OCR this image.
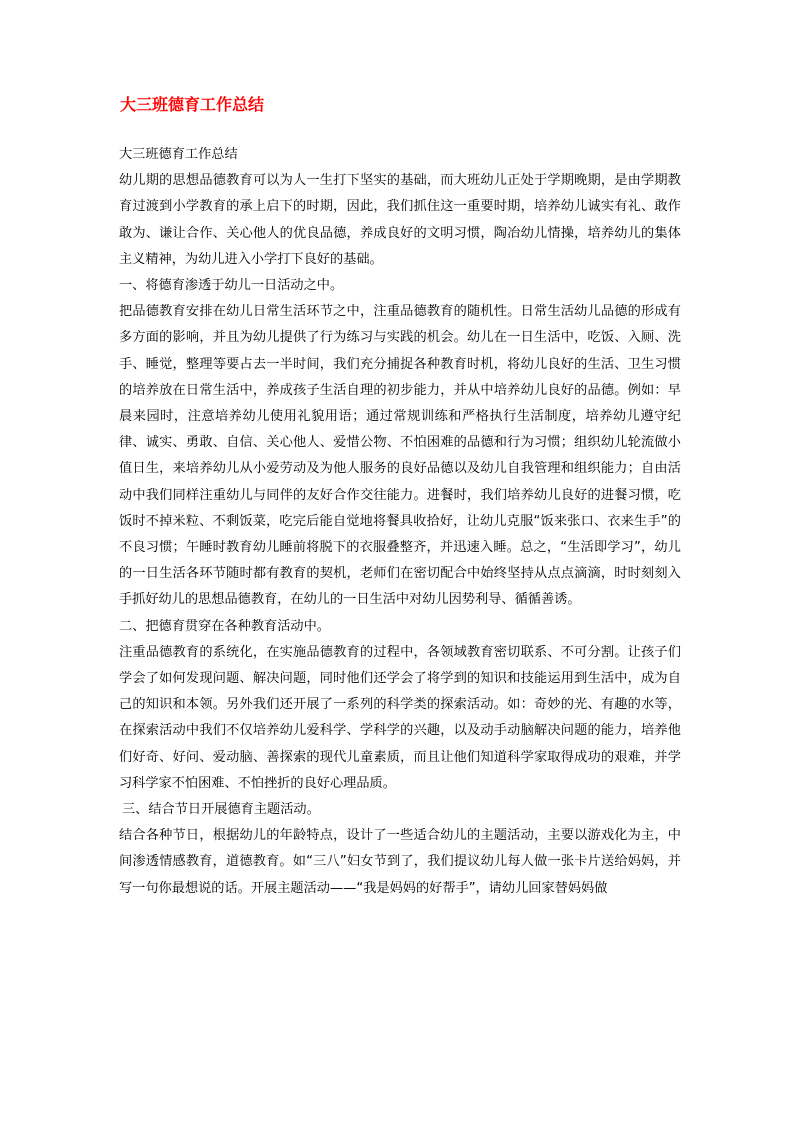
大三班德育工作总结

大三班德育工作总结

幼儿期的思想品德教育可以为人一生打下坚实的基础，而大班幼儿正处于学期晚期，是由学期教育过渡到小学教育的承上启下的时期，因此，我们抓住这一重要时期，培养幼儿诚实有礼、敢作敢为、谦让合作、关心他人的优良品德，养成良好的文明习惯，陶冶幼儿情操，培养幼儿的集体主义精神，为幼儿进入小学打下良好的基础。

一、将德育渗透于幼儿一日活动之中。

把品德教育安排在幼儿日常生活环节之中，注重品德教育的随机性。日常生活幼儿品德的形成有多方面的影响，并且为幼儿提供了行为练习与实践的机会。幼儿在一日生活中，吃饭、入厕、洗手、睡觉，整理等要占去一半时间，我们充分捕捉各种教育时机，将幼儿良好的生活、卫生习惯的培养放在日常生活中，养成孩子生活自理的初步能力，并从中培养幼儿良好的品德。例如：早晨来园时，注意培养幼儿使用礼貌用语；通过常规训练和严格执行生活制度，培养幼儿遵守纪律、诚实、勇敢、自信、关心他人、爱惜公物、不怕困难的品德和行为习惯；组织幼儿轮流做小值日生，来培养幼儿从小爱劳动及为他人服务的良好品德以及幼儿自我管理和组织能力；自由活动中我们同样注重幼儿与同伴的友好合作交往能力。进餐时，我们培养幼儿良好的进餐习惯，吃饭时不掉米粒、不剩饭菜，吃完后能自觉地将餐具收拾好，让幼儿克服“饭来张口、衣来生手”的不良习惯；午睡时教育幼儿睡前将脱下的衣服叠整齐，并迅速入睡。总之，“生活即学习”，幼儿的一日生活各环节随时都有教育的契机，老师们在密切配合中始终坚持从点点滴滴，时时刻刻入手抓好幼儿的思想品德教育，在幼儿的一日生活中对幼儿因势利导、循循善诱。

二、把德育贯穿在各种教育活动中。

注重品德教育的系统化，在实施品德教育的过程中，各领域教育密切联系、不可分割。让孩子们学会了如何发现问题、解决问题，同时他们还学会了将学到的知识和技能运用到生活中，成为自己的知识和本领。另外我们还开展了一系列的科学类的探索活动。如：奇妙的光、有趣的水等，在探索活动中我们不仅培养幼儿爱科学、学科学的兴趣，以及动手动脑解决问题的能力，培养他们好奇、好问、爱动脑、善探索的现代儿童素质，而且让他们知道科学家取得成功的艰难，并学习科学家不怕困难、不怕挫折的良好心理品质。

三、结合节日开展德育主题活动。

结合各种节日，根据幼儿的年龄特点，设计了一些适合幼儿的主题活动，主要以游戏化为主，中间渗透情感教育，道德教育。如“三八”妇女节到了，我们提议幼儿每人做一张卡片送给妈妈，并写一句你最想说的话。开展主题活动——“我是妈妈的好帮手”，请幼儿回家替妈妈做
